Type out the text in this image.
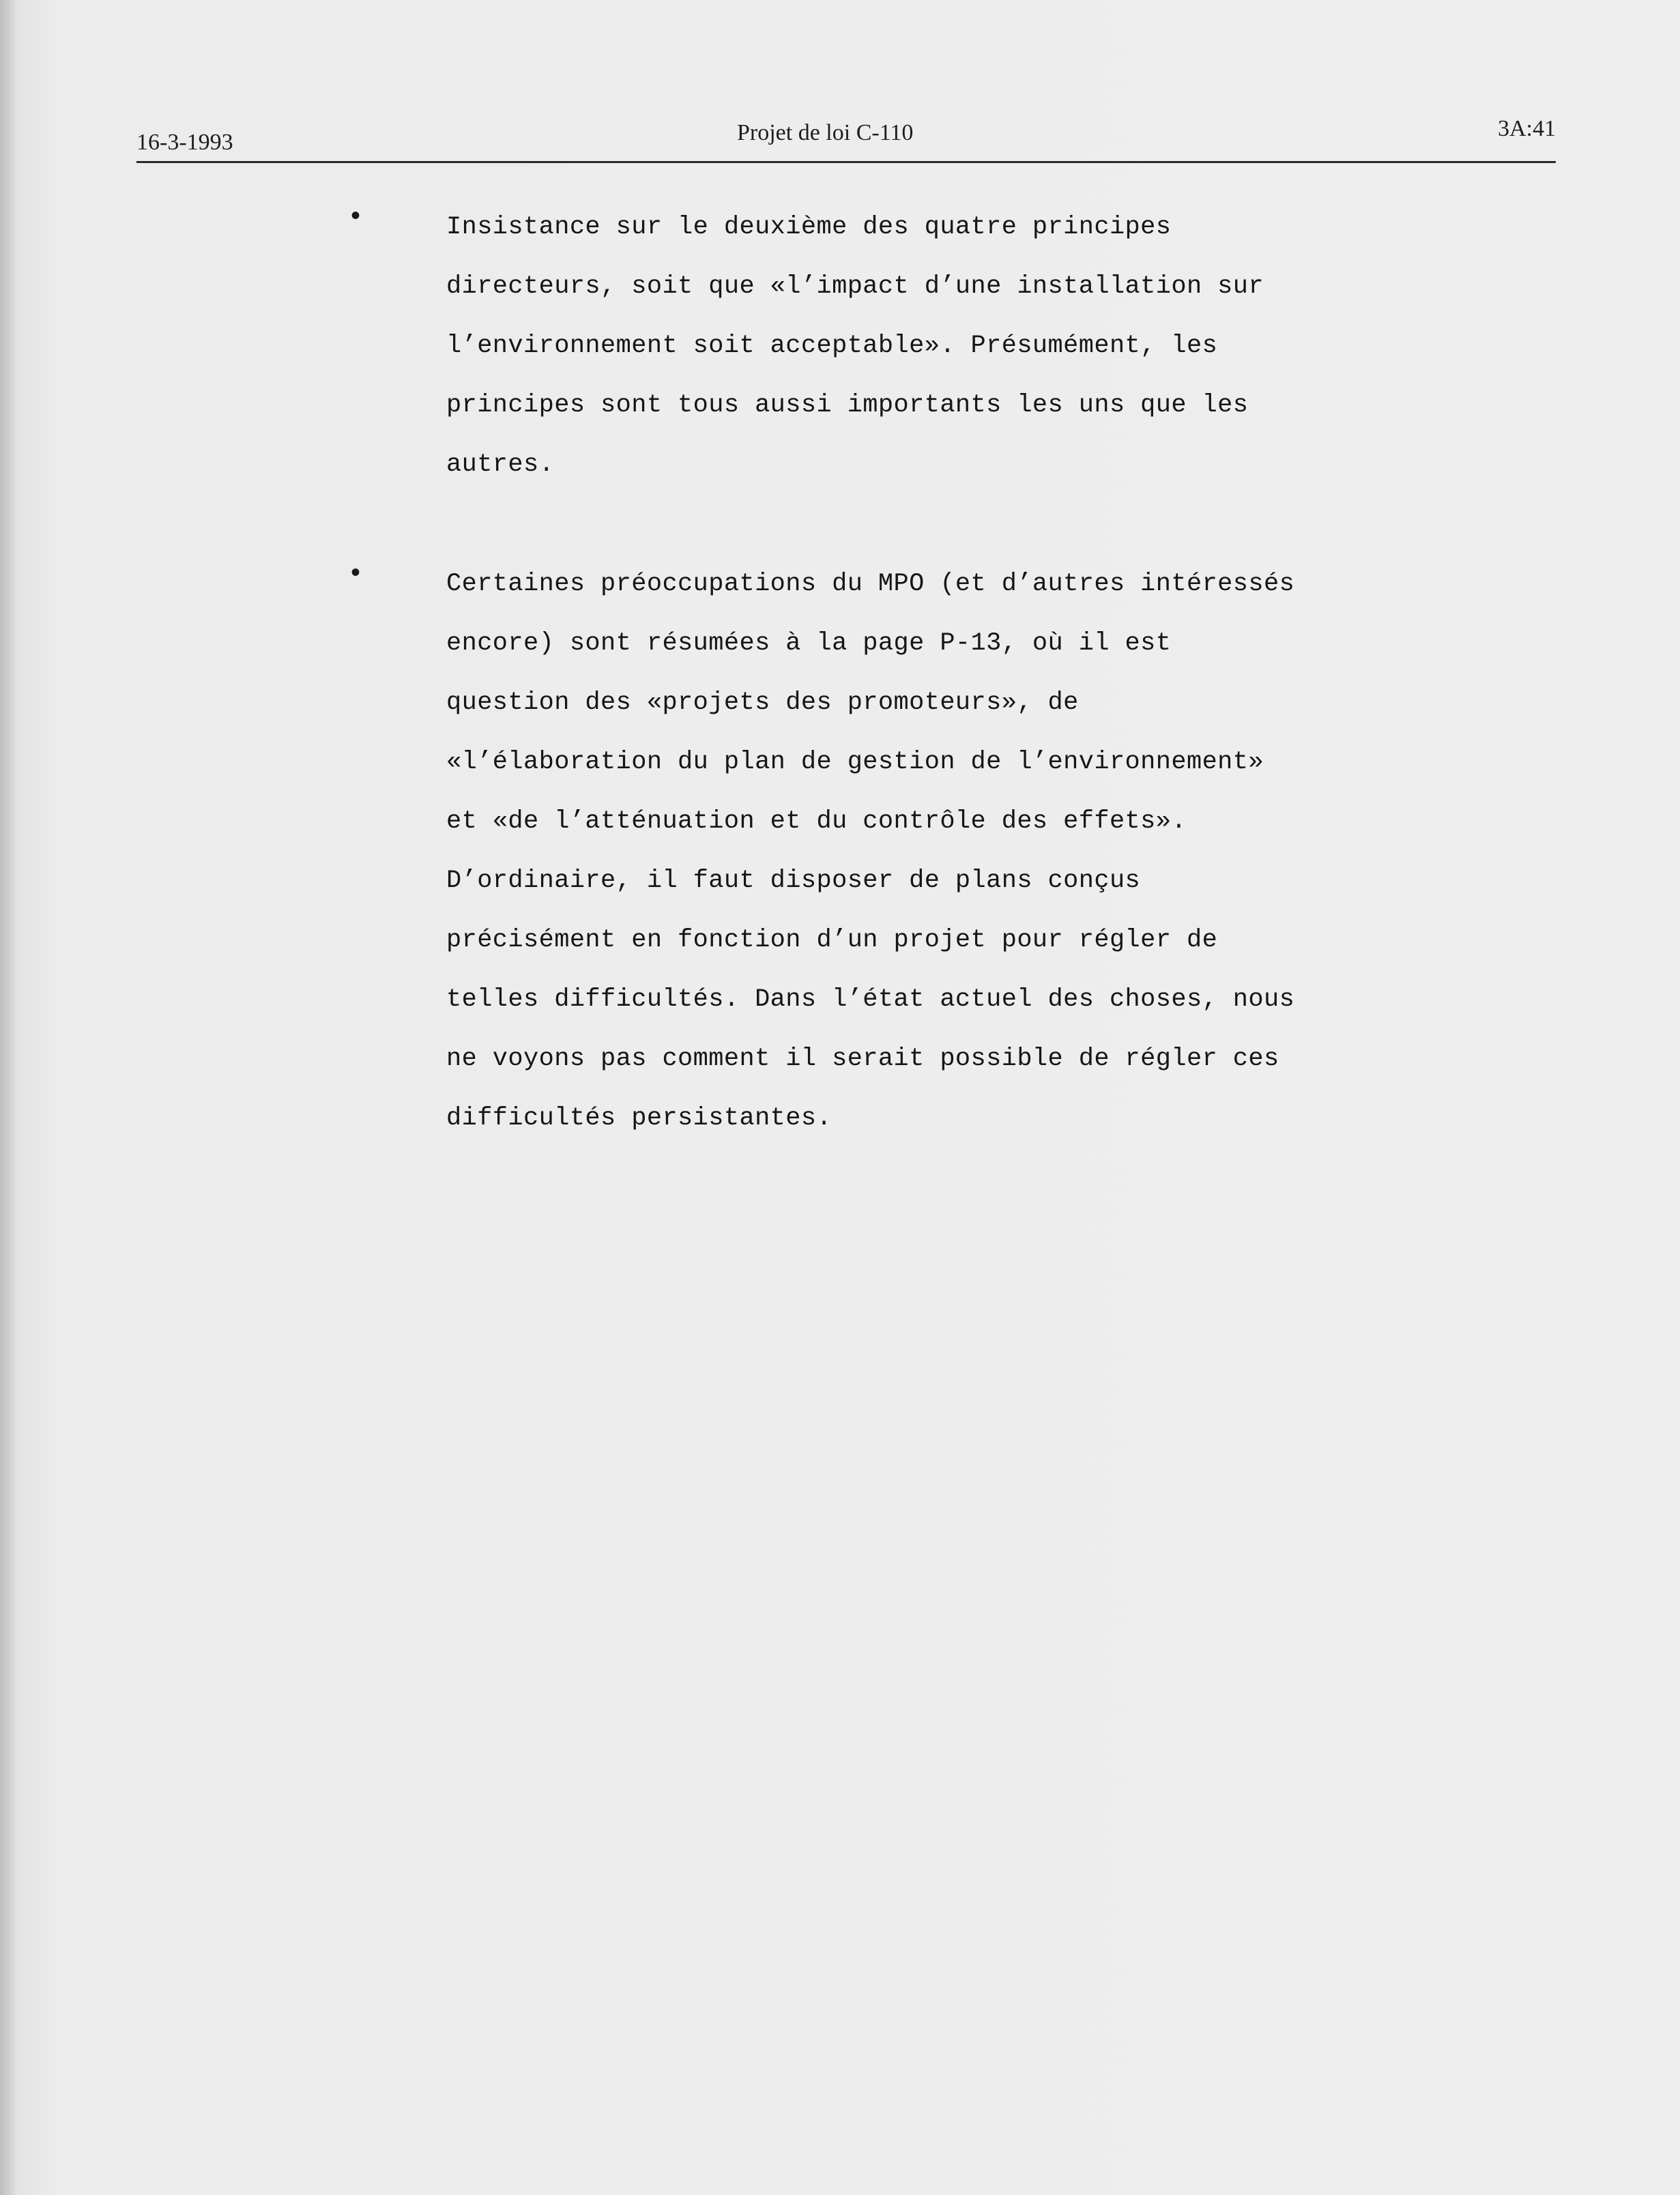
16-3-1993	Projet de loi C-110	3A:41
•	Insistance sur le deuxième des quatre principes
directeurs, soit que «l’impact d’une installation sur
l’environnement soit acceptable». Présumément, les
principes sont tous aussi importants les uns que les
autres.
•	Certaines préoccupations du MPO (et d’autres intéressés
encore) sont résumées à la page P-13, où il est
question des «projets des promoteurs», de
«l’élaboration du plan de gestion de l’environnement»
et «de l’atténuation et du contrôle des effets».
D’ordinaire, il faut disposer de plans conçus
précisément en fonction d’un projet pour régler de
telles difficultés. Dans l’état actuel des choses, nous
ne voyons pas comment il serait possible de régler ces
difficultés persistantes.
